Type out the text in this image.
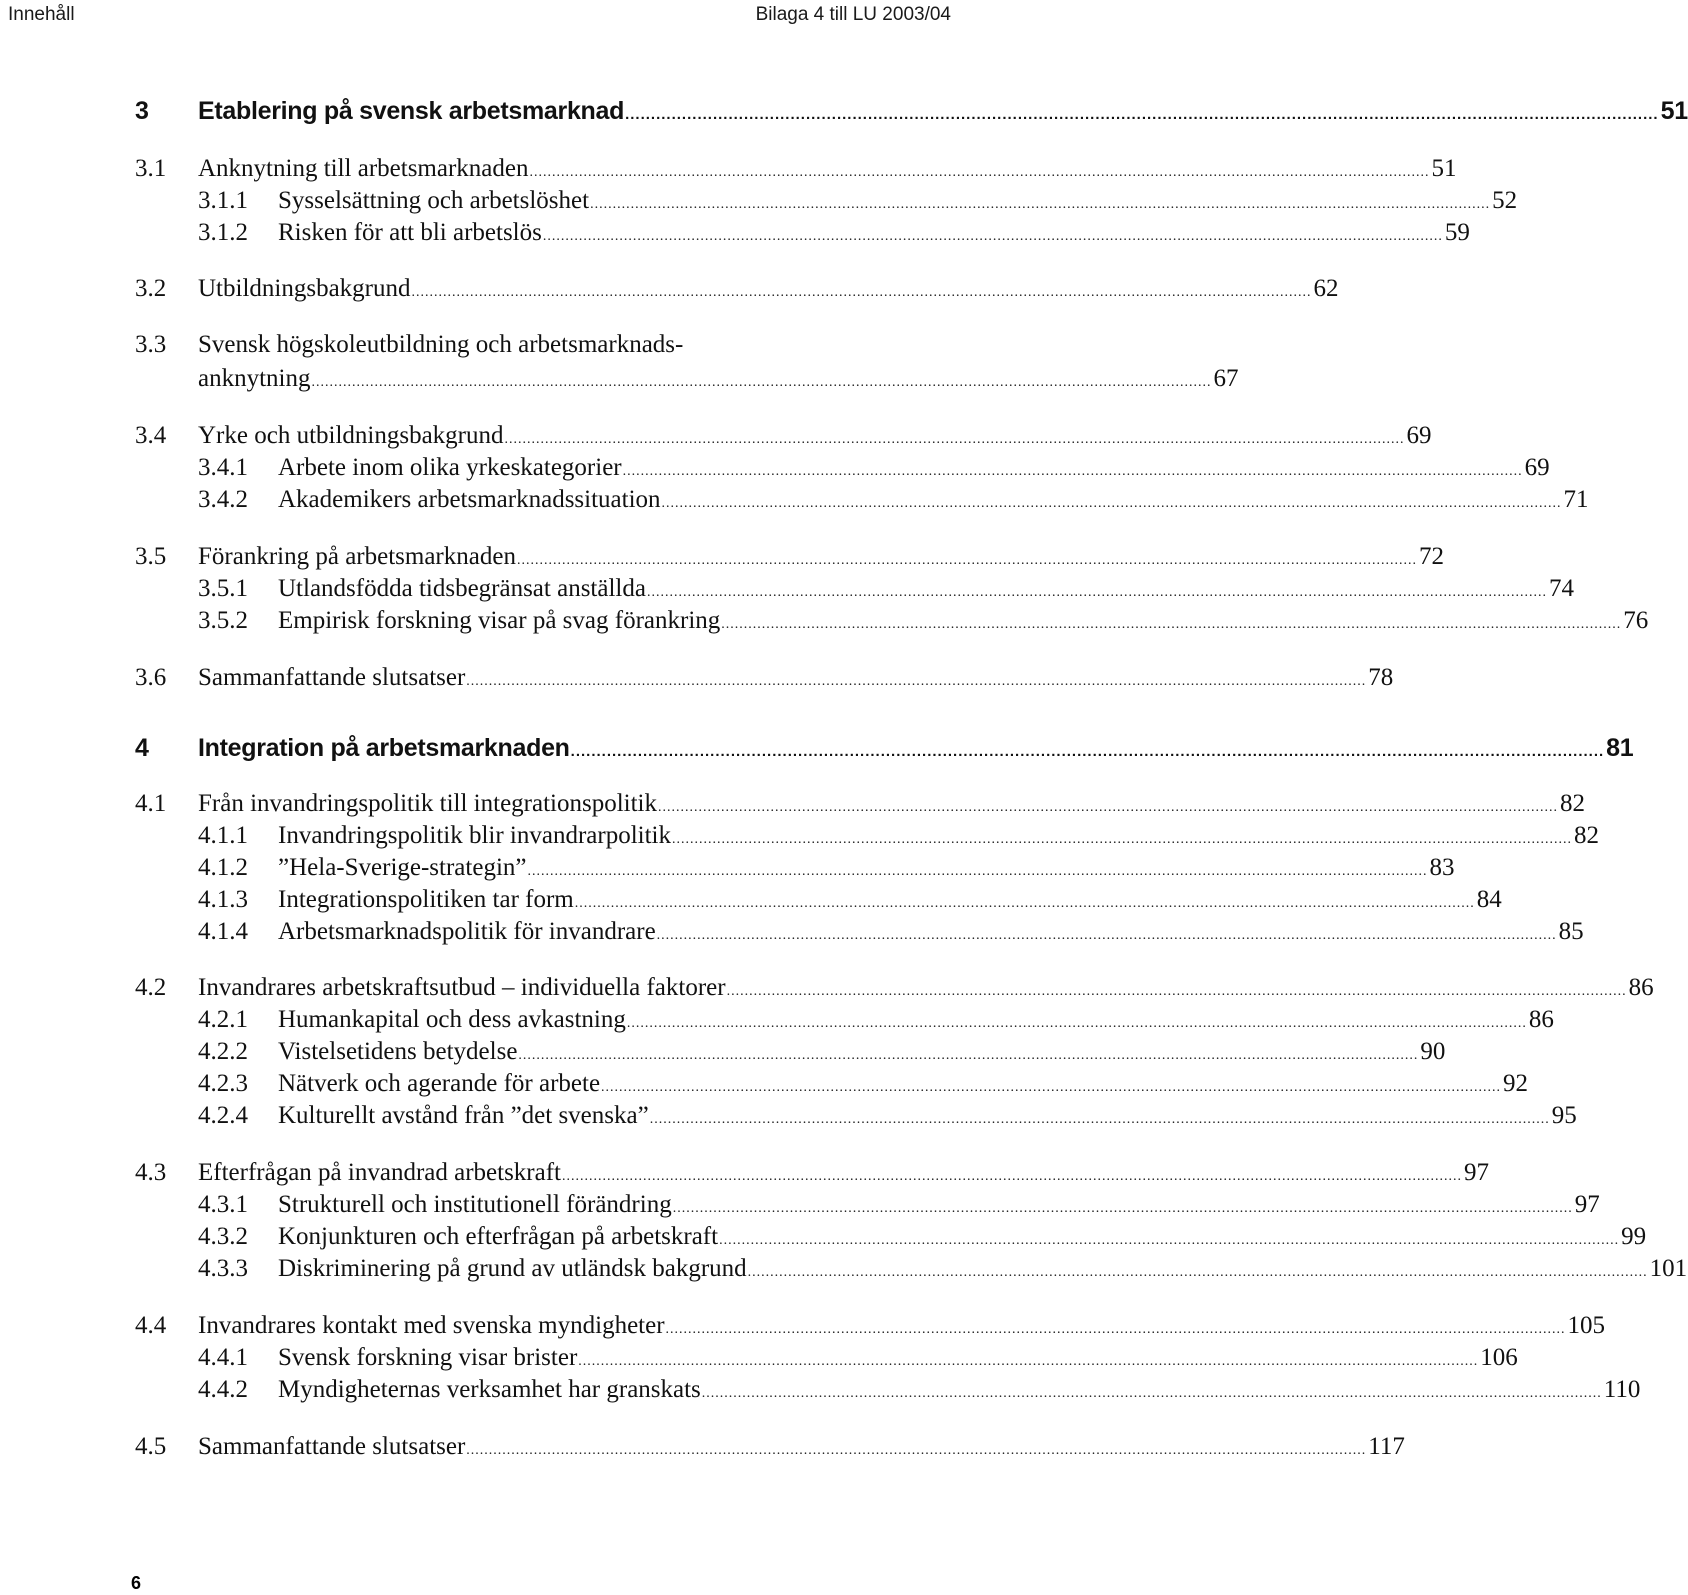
Innehåll	Bilaga 4 till LU 2003/04
3	Etablering på svensk arbetsmarknad .....	51
3.1	Anknytning till arbetsmarknaden .....	51
3.1.1	Sysselsättning och arbetslöshet .....	52
3.1.2	Risken för att bli arbetslös .....	59
3.2	Utbildningsbakgrund .....	62
3.3	Svensk högskoleutbildning och arbetsmarknads-
anknytning .....	67
3.4	Yrke och utbildningsbakgrund .....	69
3.4.1	Arbete inom olika yrkeskategorier .....	69
3.4.2	Akademikers arbetsmarknadssituation .....	71
3.5	Förankring på arbetsmarknaden .....	72
3.5.1	Utlandsfödda tidsbegränsat anställda .....	74
3.5.2	Empirisk forskning visar på svag förankring .....	76
3.6	Sammanfattande slutsatser .....	78
4	Integration på arbetsmarknaden .....	81
4.1	Från invandringspolitik till integrationspolitik .....	82
4.1.1	Invandringspolitik blir invandrarpolitik .....	82
4.1.2	”Hela-Sverige-strategin” .....	83
4.1.3	Integrationspolitiken tar form .....	84
4.1.4	Arbetsmarknadspolitik för invandrare .....	85
4.2	Invandrares arbetskraftsutbud – individuella faktorer .....	86
4.2.1	Humankapital och dess avkastning .....	86
4.2.2	Vistelsetidens betydelse .....	90
4.2.3	Nätverk och agerande för arbete .....	92
4.2.4	Kulturellt avstånd från ”det svenska” .....	95
4.3	Efterfrågan på invandrad arbetskraft .....	97
4.3.1	Strukturell och institutionell förändring .....	97
4.3.2	Konjunkturen och efterfrågan på arbetskraft .....	99
4.3.3	Diskriminering på grund av utländsk bakgrund .....	101
4.4	Invandrares kontakt med svenska myndigheter .....	105
4.4.1	Svensk forskning visar brister .....	106
4.4.2	Myndigheternas verksamhet har granskats .....	110
4.5	Sammanfattande slutsatser .....	117
6
